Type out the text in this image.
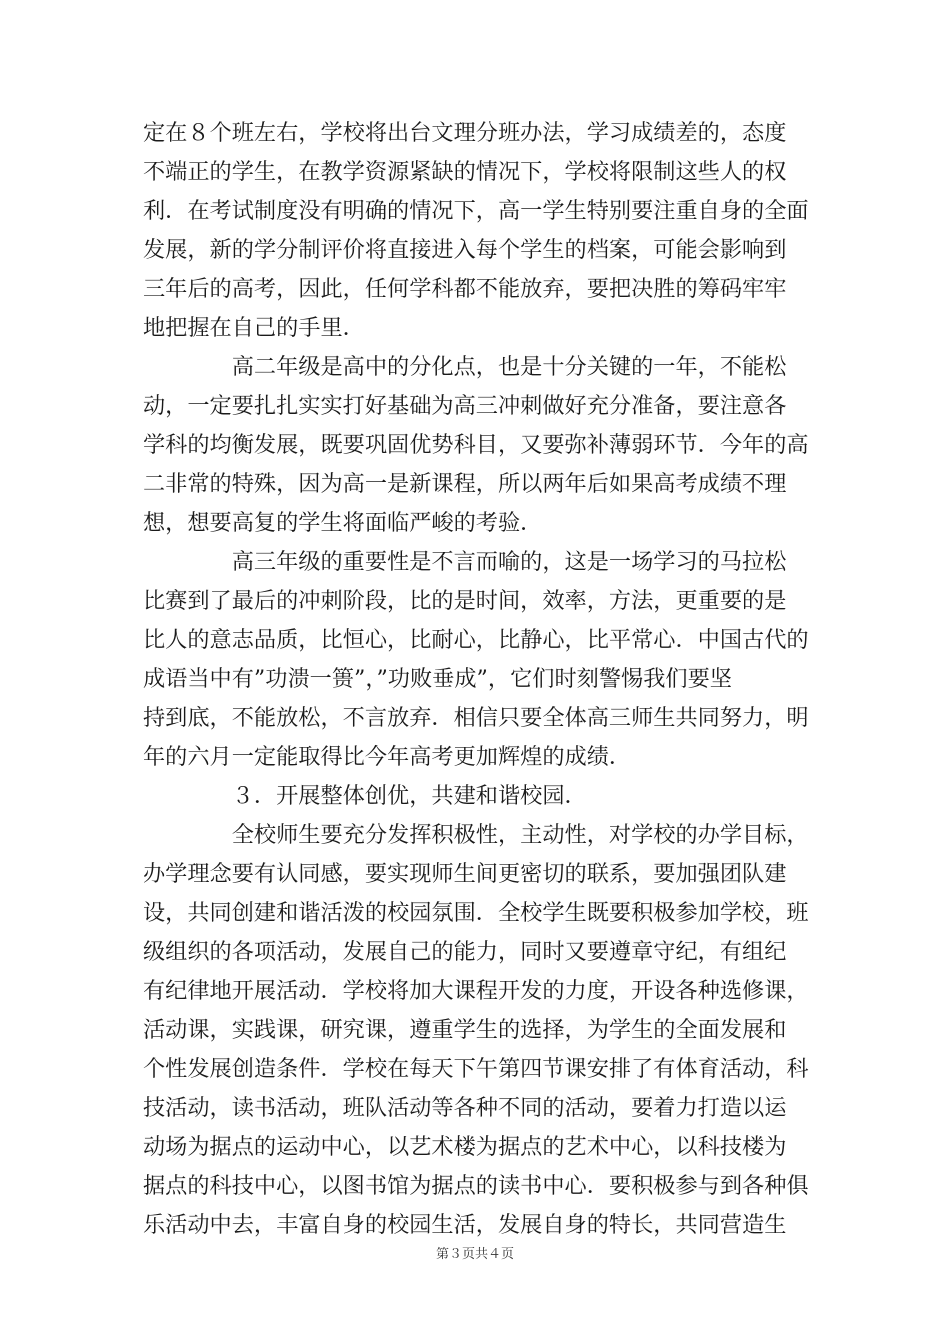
定在８个班左右，学校将出台文理分班办法，学习成绩差的，态度
不端正的学生，在教学资源紧缺的情况下，学校将限制这些人的权
利．在考试制度没有明确的情况下，高一学生特别要注重自身的全面
发展，新的学分制评价将直接进入每个学生的档案，可能会影响到
三年后的高考，因此，任何学科都不能放弃，要把决胜的筹码牢牢
地把握在自己的手里．
　　　　高二年级是高中的分化点，也是十分关键的一年，不能松
动，一定要扎扎实实打好基础为高三冲刺做好充分准备，要注意各
学科的均衡发展，既要巩固优势科目，又要弥补薄弱环节．今年的高
二非常的特殊，因为高一是新课程，所以两年后如果高考成绩不理
想，想要高复的学生将面临严峻的考验．
　　　　高三年级的重要性是不言而喻的，这是一场学习的马拉松
比赛到了最后的冲刺阶段，比的是时间，效率，方法，更重要的是
比人的意志品质，比恒心，比耐心，比静心，比平常心．中国古代的
成语当中有”功溃一篑”，”功败垂成”，它们时刻警惕我们要坚
持到底，不能放松，不言放弃．相信只要全体高三师生共同努力，明
年的六月一定能取得比今年高考更加辉煌的成绩．
　　　　３．开展整体创优，共建和谐校园．
　　　　全校师生要充分发挥积极性，主动性，对学校的办学目标，
办学理念要有认同感，要实现师生间更密切的联系，要加强团队建
设，共同创建和谐活泼的校园氛围．全校学生既要积极参加学校，班
级组织的各项活动，发展自己的能力，同时又要遵章守纪，有组纪
有纪律地开展活动．学校将加大课程开发的力度，开设各种选修课，
活动课，实践课，研究课，遵重学生的选择，为学生的全面发展和
个性发展创造条件．学校在每天下午第四节课安排了有体育活动，科
技活动，读书活动，班队活动等各种不同的活动，要着力打造以运
动场为据点的运动中心，以艺术楼为据点的艺术中心，以科技楼为
据点的科技中心，以图书馆为据点的读书中心．要积极参与到各种俱
乐活动中去，丰富自身的校园生活，发展自身的特长，共同营造生
第３页共４页
